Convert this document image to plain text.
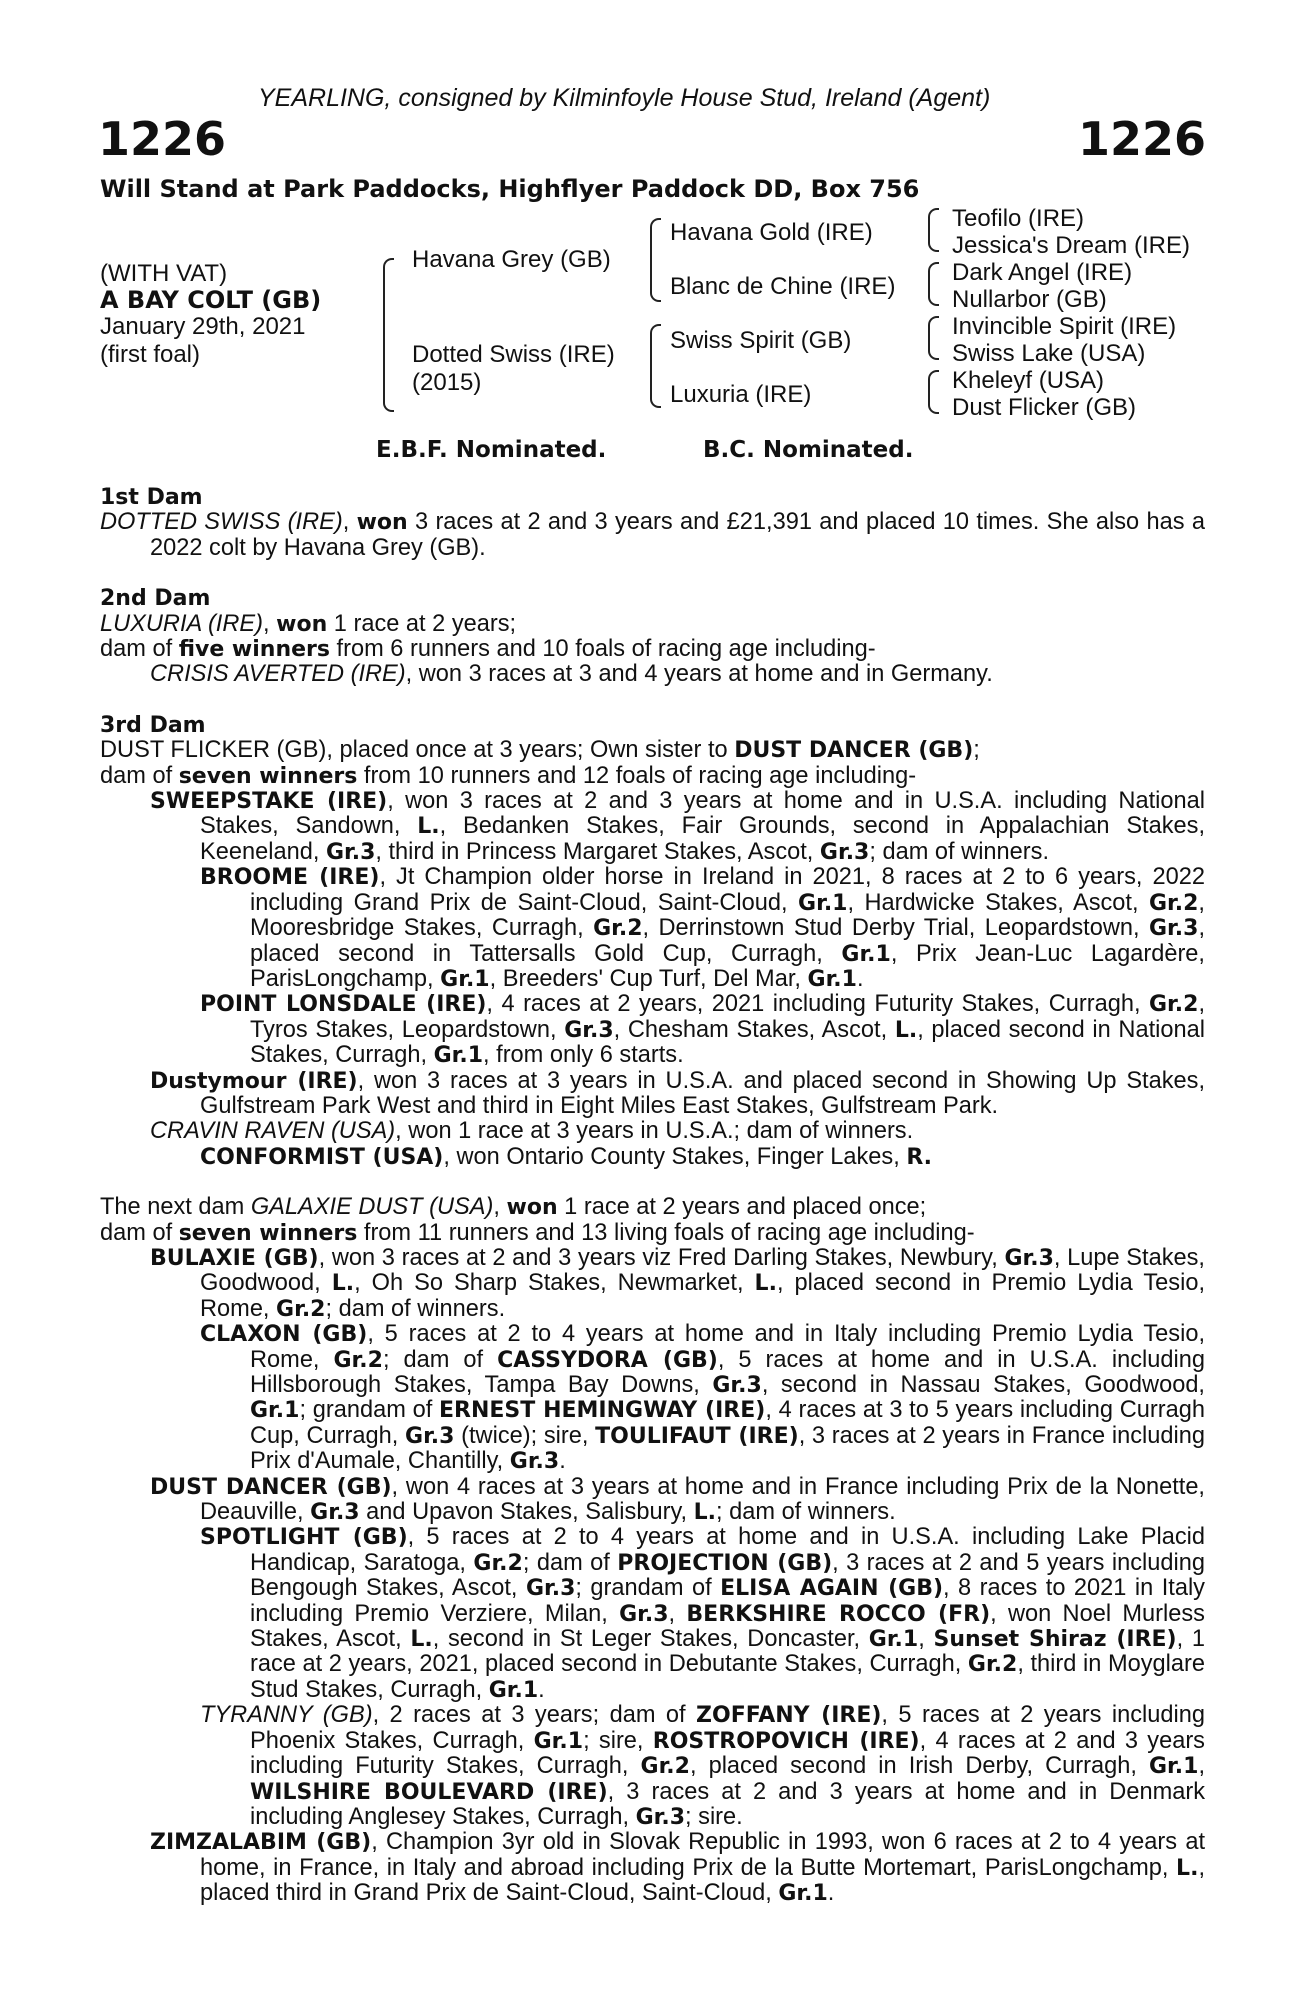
YEARLING, consigned by Kilminfoyle House Stud, Ireland (Agent)
1226	1226
Will Stand at Park Paddocks, Highflyer Paddock DD, Box 756
(WITH VAT)
A BAY COLT (GB)
January 29th, 2021
(first foal)
Havana Grey (GB)
Dotted Swiss (IRE)
(2015)
Havana Gold (IRE)
Blanc de Chine (IRE)
Swiss Spirit (GB)
Luxuria (IRE)
Teofilo (IRE)
Jessica's Dream (IRE)
Dark Angel (IRE)
Nullarbor (GB)
Invincible Spirit (IRE)
Swiss Lake (USA)
Kheleyf (USA)
Dust Flicker (GB)
E.B.F. Nominated.	B.C. Nominated.
1st Dam
DOTTED SWISS (IRE), won 3 races at 2 and 3 years and £21,391 and placed 10 times. She also has a 2022 colt by Havana Grey (GB).
2nd Dam
LUXURIA (IRE), won 1 race at 2 years;
dam of five winners from 6 runners and 10 foals of racing age including-
CRISIS AVERTED (IRE), won 3 races at 3 and 4 years at home and in Germany.
3rd Dam
DUST FLICKER (GB), placed once at 3 years; Own sister to DUST DANCER (GB);
dam of seven winners from 10 runners and 12 foals of racing age including-
SWEEPSTAKE (IRE), won 3 races at 2 and 3 years at home and in U.S.A. including National Stakes, Sandown, L., Bedanken Stakes, Fair Grounds, second in Appalachian Stakes, Keeneland, Gr.3, third in Princess Margaret Stakes, Ascot, Gr.3; dam of winners.
BROOME (IRE), Jt Champion older horse in Ireland in 2021, 8 races at 2 to 6 years, 2022 including Grand Prix de Saint-Cloud, Saint-Cloud, Gr.1, Hardwicke Stakes, Ascot, Gr.2, Mooresbridge Stakes, Curragh, Gr.2, Derrinstown Stud Derby Trial, Leopardstown, Gr.3, placed second in Tattersalls Gold Cup, Curragh, Gr.1, Prix Jean-Luc Lagardère, ParisLongchamp, Gr.1, Breeders' Cup Turf, Del Mar, Gr.1.
POINT LONSDALE (IRE), 4 races at 2 years, 2021 including Futurity Stakes, Curragh, Gr.2, Tyros Stakes, Leopardstown, Gr.3, Chesham Stakes, Ascot, L., placed second in National Stakes, Curragh, Gr.1, from only 6 starts.
Dustymour (IRE), won 3 races at 3 years in U.S.A. and placed second in Showing Up Stakes, Gulfstream Park West and third in Eight Miles East Stakes, Gulfstream Park.
CRAVIN RAVEN (USA), won 1 race at 3 years in U.S.A.; dam of winners.
CONFORMIST (USA), won Ontario County Stakes, Finger Lakes, R.
The next dam GALAXIE DUST (USA), won 1 race at 2 years and placed once;
dam of seven winners from 11 runners and 13 living foals of racing age including-
BULAXIE (GB), won 3 races at 2 and 3 years viz Fred Darling Stakes, Newbury, Gr.3, Lupe Stakes, Goodwood, L., Oh So Sharp Stakes, Newmarket, L., placed second in Premio Lydia Tesio, Rome, Gr.2; dam of winners.
CLAXON (GB), 5 races at 2 to 4 years at home and in Italy including Premio Lydia Tesio, Rome, Gr.2; dam of CASSYDORA (GB), 5 races at home and in U.S.A. including Hillsborough Stakes, Tampa Bay Downs, Gr.3, second in Nassau Stakes, Goodwood, Gr.1; grandam of ERNEST HEMINGWAY (IRE), 4 races at 3 to 5 years including Curragh Cup, Curragh, Gr.3 (twice); sire, TOULIFAUT (IRE), 3 races at 2 years in France including Prix d'Aumale, Chantilly, Gr.3.
DUST DANCER (GB), won 4 races at 3 years at home and in France including Prix de la Nonette, Deauville, Gr.3 and Upavon Stakes, Salisbury, L.; dam of winners.
SPOTLIGHT (GB), 5 races at 2 to 4 years at home and in U.S.A. including Lake Placid Handicap, Saratoga, Gr.2; dam of PROJECTION (GB), 3 races at 2 and 5 years including Bengough Stakes, Ascot, Gr.3; grandam of ELISA AGAIN (GB), 8 races to 2021 in Italy including Premio Verziere, Milan, Gr.3, BERKSHIRE ROCCO (FR), won Noel Murless Stakes, Ascot, L., second in St Leger Stakes, Doncaster, Gr.1, Sunset Shiraz (IRE), 1 race at 2 years, 2021, placed second in Debutante Stakes, Curragh, Gr.2, third in Moyglare Stud Stakes, Curragh, Gr.1.
TYRANNY (GB), 2 races at 3 years; dam of ZOFFANY (IRE), 5 races at 2 years including Phoenix Stakes, Curragh, Gr.1; sire, ROSTROPOVICH (IRE), 4 races at 2 and 3 years including Futurity Stakes, Curragh, Gr.2, placed second in Irish Derby, Curragh, Gr.1, WILSHIRE BOULEVARD (IRE), 3 races at 2 and 3 years at home and in Denmark including Anglesey Stakes, Curragh, Gr.3; sire.
ZIMZALABIM (GB), Champion 3yr old in Slovak Republic in 1993, won 6 races at 2 to 4 years at home, in France, in Italy and abroad including Prix de la Butte Mortemart, ParisLongchamp, L., placed third in Grand Prix de Saint-Cloud, Saint-Cloud, Gr.1.
